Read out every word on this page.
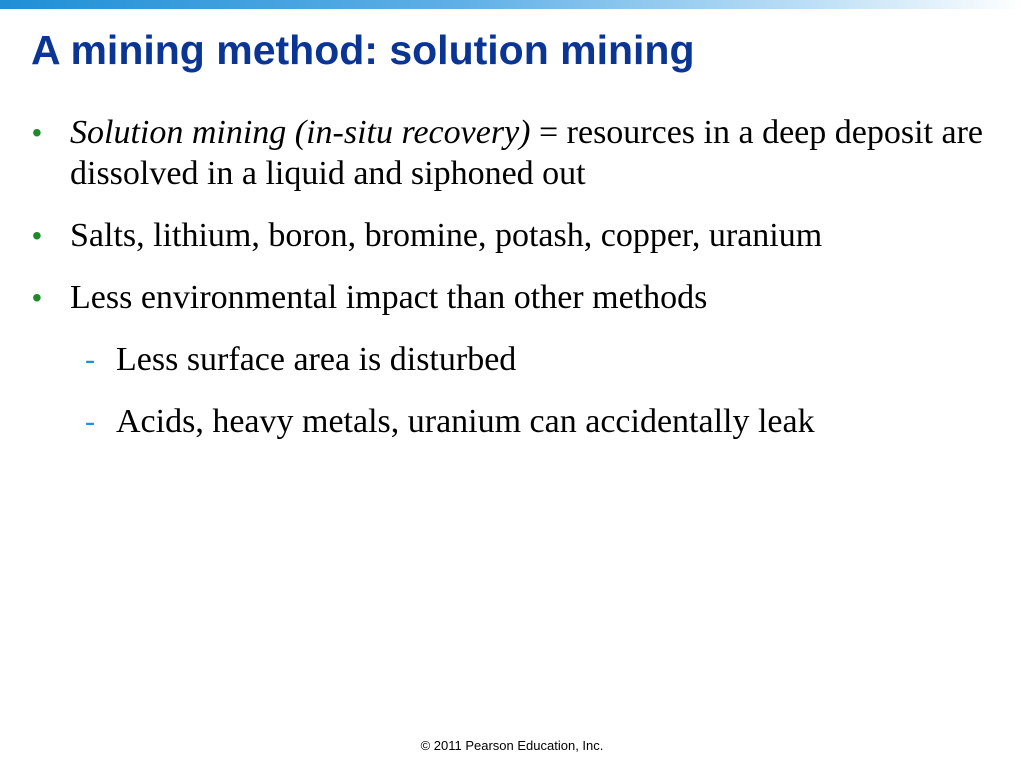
A mining method: solution mining
• Solution mining (in-situ recovery) = resources in a deep deposit are dissolved in a liquid and siphoned out
• Salts, lithium, boron, bromine, potash, copper, uranium
• Less environmental impact than other methods
- Less surface area is disturbed
- Acids, heavy metals, uranium can accidentally leak
© 2011 Pearson Education, Inc.
